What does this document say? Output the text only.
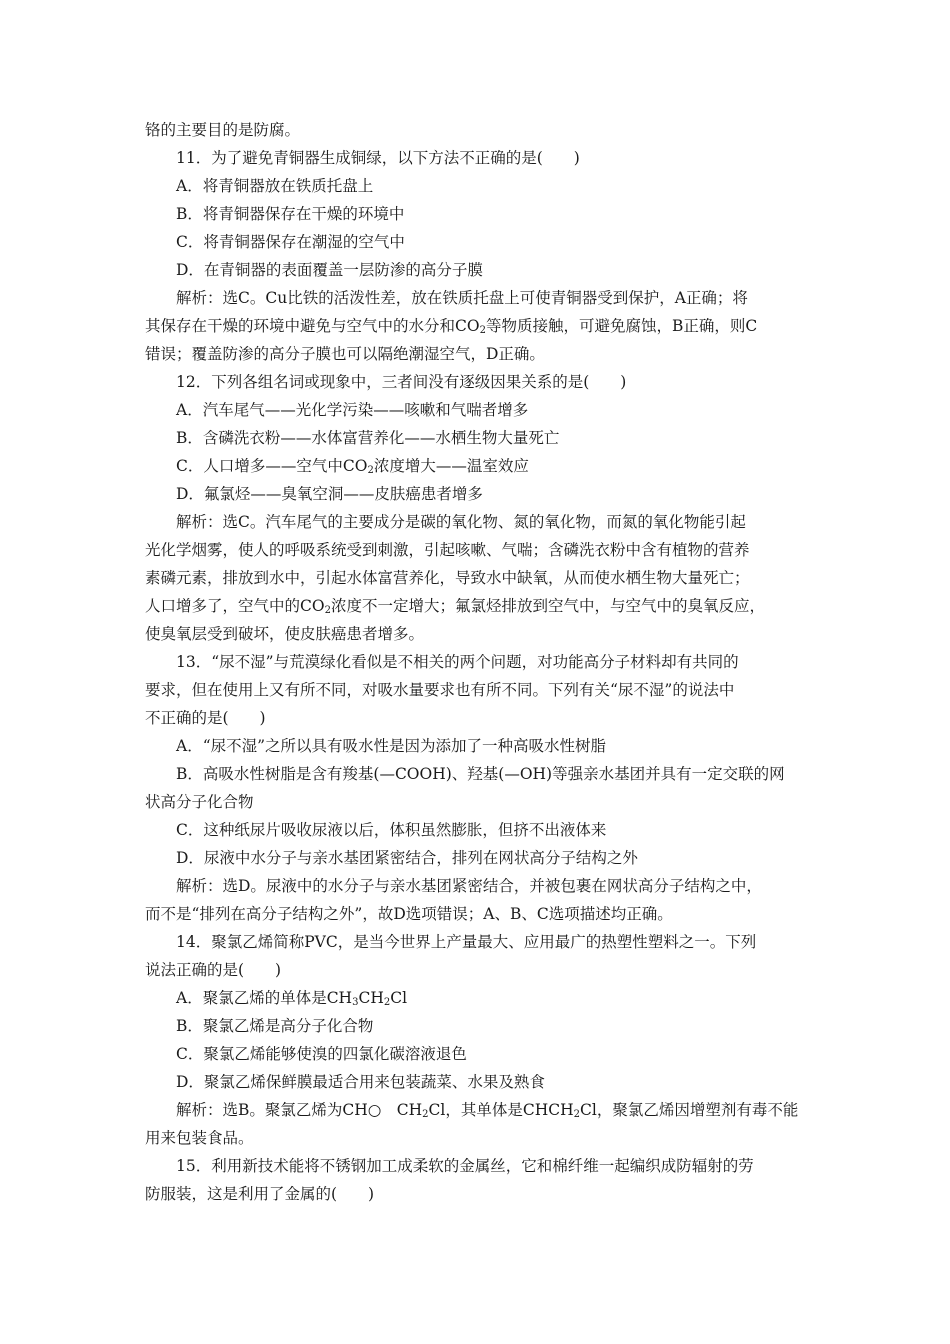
铬的主要目的是防腐。
11．为了避免青铜器生成铜绿，以下方法不正确的是(　　)
A．将青铜器放在铁质托盘上
B．将青铜器保存在干燥的环境中
C．将青铜器保存在潮湿的空气中
D．在青铜器的表面覆盖一层防渗的高分子膜
解析：选C。Cu比铁的活泼性差，放在铁质托盘上可使青铜器受到保护，A正确；将
其保存在干燥的环境中避免与空气中的水分和$CO_2$等物质接触，可避免腐蚀，B正确，则C
错误；覆盖防渗的高分子膜也可以隔绝潮湿空气，D正确。
12．下列各组名词或现象中，三者间没有逐级因果关系的是(　　)
A．汽车尾气——光化学污染——咳嗽和气喘者增多
B．含磷洗衣粉——水体富营养化——水栖生物大量死亡
C．人口增多——空气中$CO_2$浓度增大——温室效应
D．氟氯烃——臭氧空洞——皮肤癌患者增多
解析：选C。汽车尾气的主要成分是碳的氧化物、氮的氧化物，而氮的氧化物能引起
光化学烟雾，使人的呼吸系统受到刺激，引起咳嗽、气喘；含磷洗衣粉中含有植物的营养
素磷元素，排放到水中，引起水体富营养化，导致水中缺氧，从而使水栖生物大量死亡；
人口增多了，空气中的$CO_2$浓度不一定增大；氟氯烃排放到空气中，与空气中的臭氧反应，
使臭氧层受到破坏，使皮肤癌患者增多。
13．“尿不湿”与荒漠绿化看似是不相关的两个问题，对功能高分子材料却有共同的
要求，但在使用上又有所不同，对吸水量要求也有所不同。下列有关“尿不湿”的说法中
不正确的是(　　)
A．“尿不湿”之所以具有吸水性是因为添加了一种高吸水性树脂
B．高吸水性树脂是含有羧基(—COOH)、羟基(—OH)等强亲水基团并具有一定交联的网
状高分子化合物
C．这种纸尿片吸收尿液以后，体积虽然膨胀，但挤不出液体来
D．尿液中水分子与亲水基团紧密结合，排列在网状高分子结构之外
解析：选D。尿液中的水分子与亲水基团紧密结合，并被包裹在网状高分子结构之中，
而不是“排列在高分子结构之外”，故D选项错误；A、B、C选项描述均正确。
14．聚氯乙烯简称PVC，是当今世界上产量最大、应用最广的热塑性塑料之一。下列
说法正确的是(　　)
A．聚氯乙烯的单体是$CH_3CH_2Cl$
B．聚氯乙烯是高分子化合物
C．聚氯乙烯能够使溴的四氯化碳溶液退色
D．聚氯乙烯保鲜膜最适合用来包装蔬菜、水果及熟食
解析：选B。聚氯乙烯为CH○　$CH_2Cl$，其单体是$CHCH_2Cl$，聚氯乙烯因增塑剂有毒不能
用来包装食品。
15．利用新技术能将不锈钢加工成柔软的金属丝，它和棉纤维一起编织成防辐射的劳
防服装，这是利用了金属的(　　)
